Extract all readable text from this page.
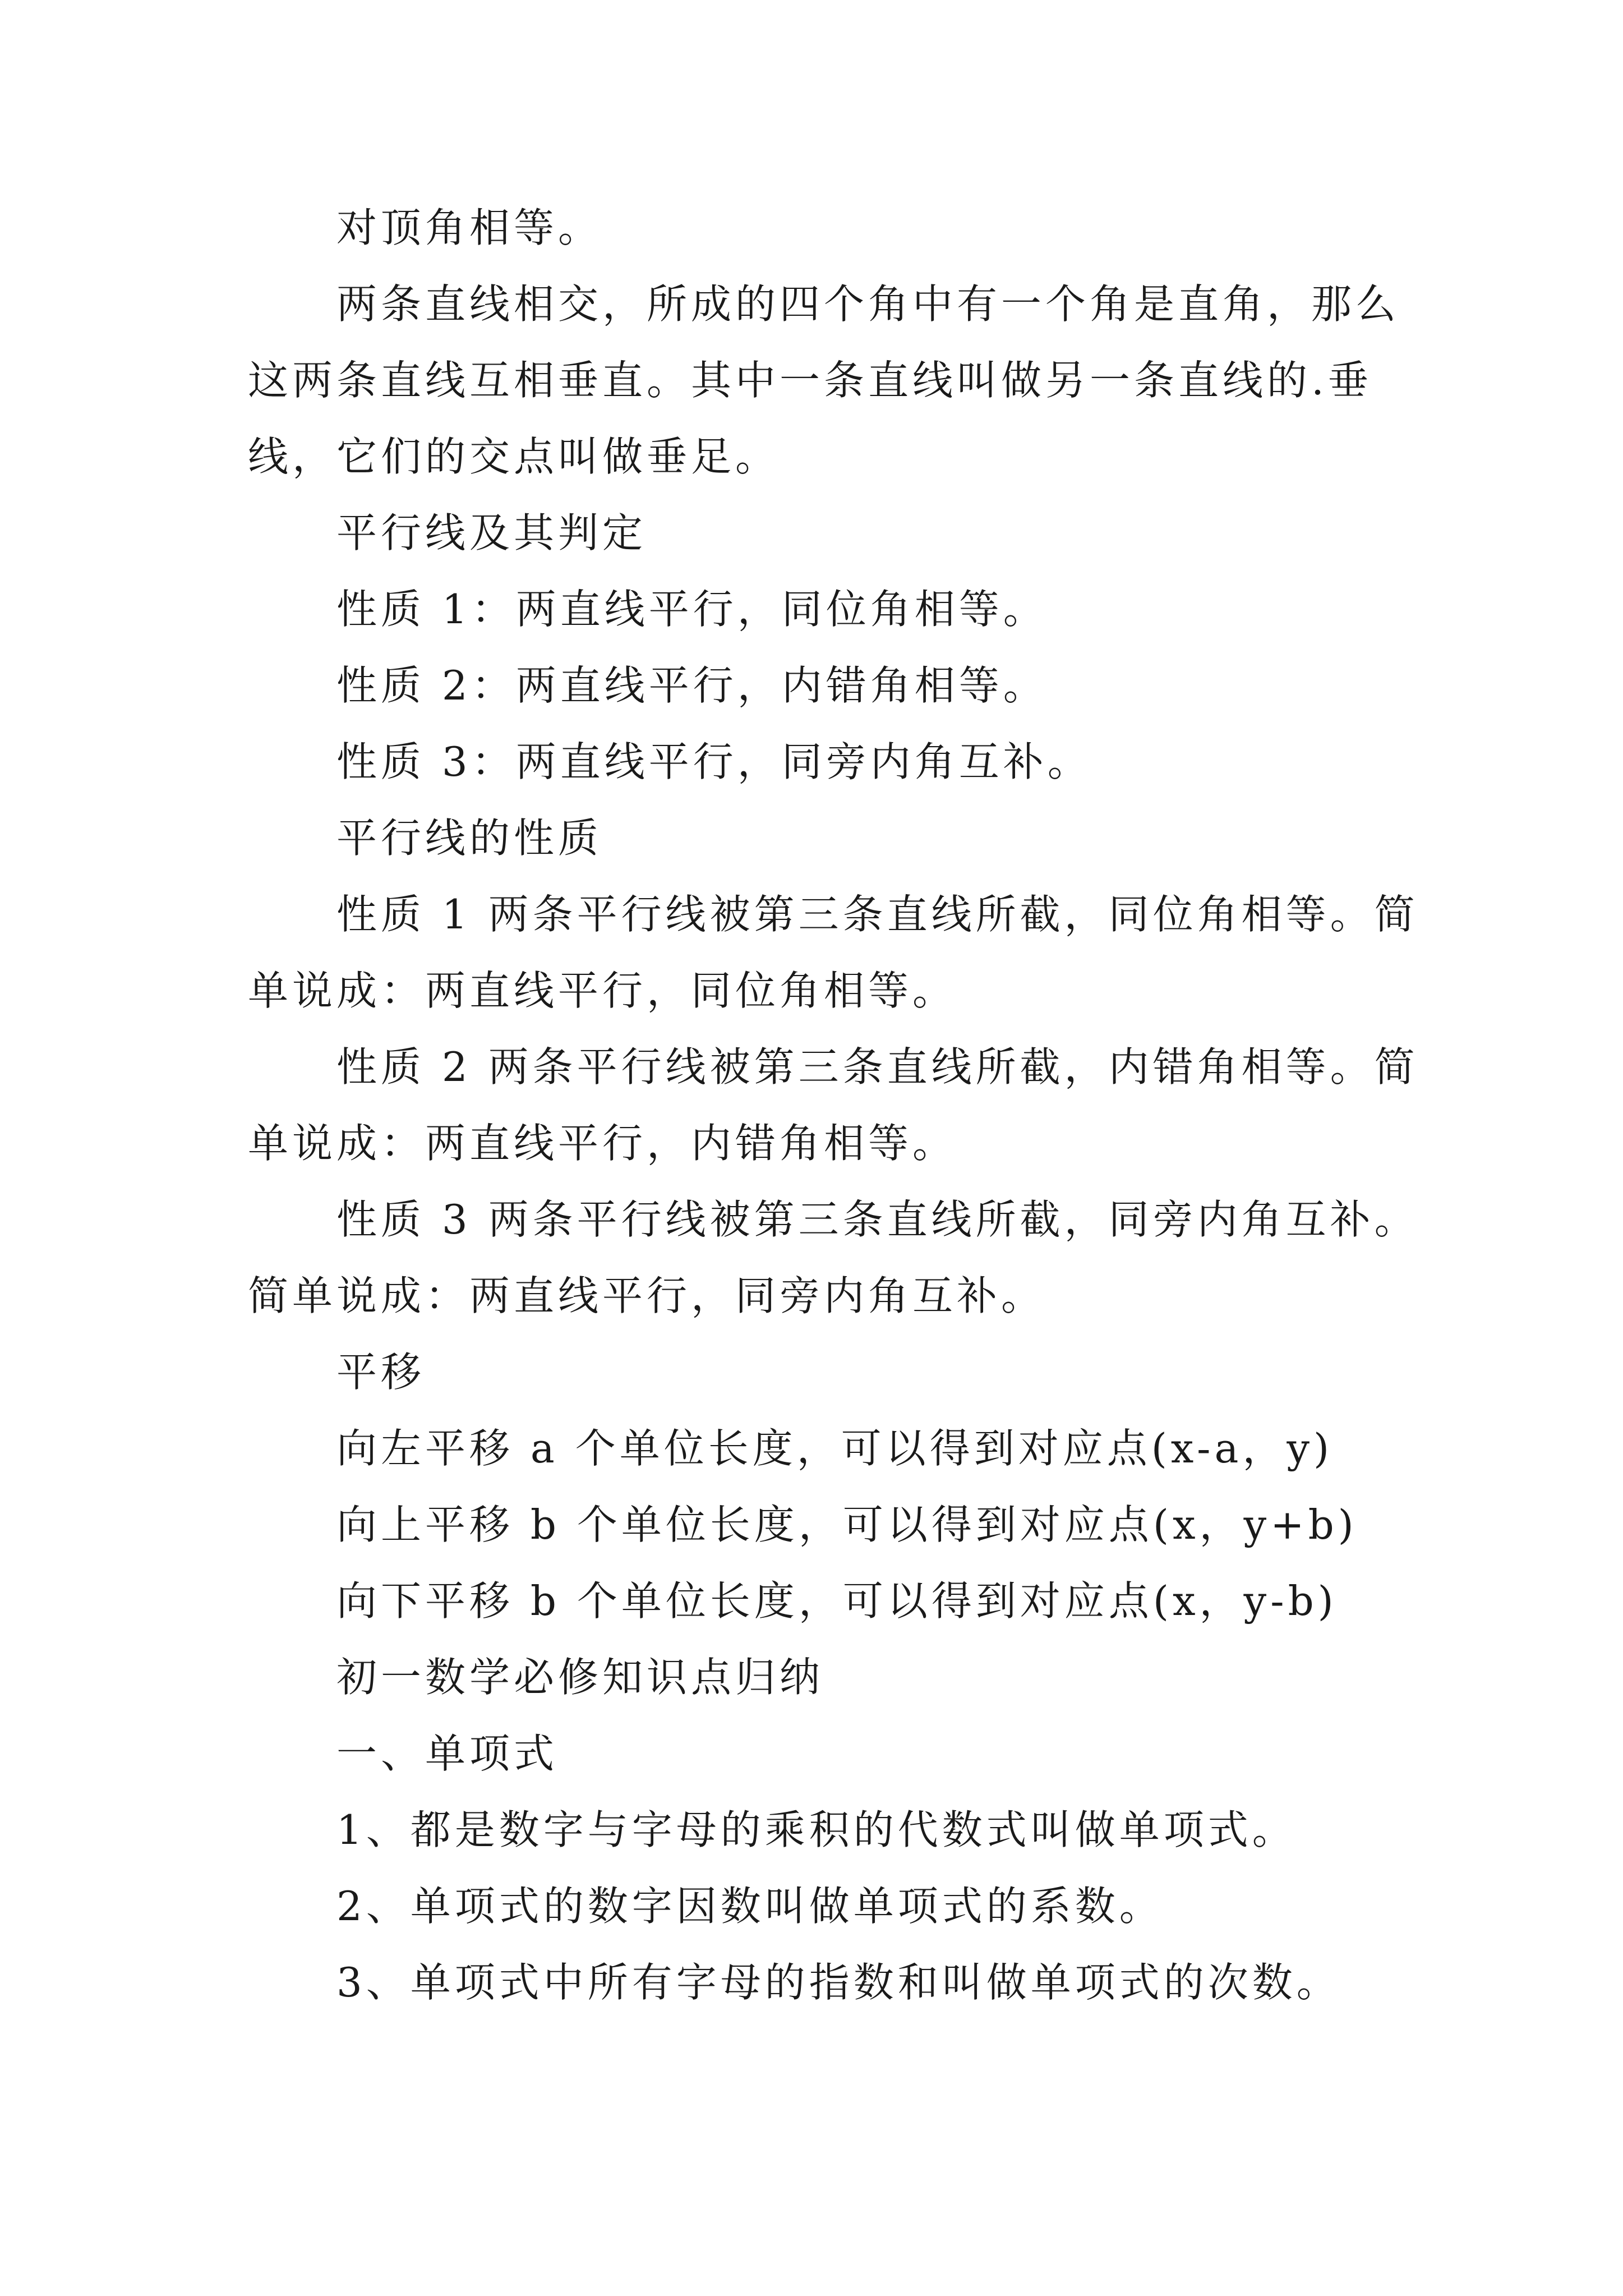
对顶角相等。
两条直线相交，所成的四个角中有一个角是直角，那么
这两条直线互相垂直。其中一条直线叫做另一条直线的.垂
线，它们的交点叫做垂足。
平行线及其判定
性质 1：两直线平行，同位角相等。
性质 2：两直线平行，内错角相等。
性质 3：两直线平行，同旁内角互补。
平行线的性质
性质 1 两条平行线被第三条直线所截，同位角相等。简
单说成：两直线平行，同位角相等。
性质 2 两条平行线被第三条直线所截，内错角相等。简
单说成：两直线平行，内错角相等。
性质 3 两条平行线被第三条直线所截，同旁内角互补。
简单说成：两直线平行，同旁内角互补。
平移
向左平移 a 个单位长度，可以得到对应点(x-a，y)
向上平移 b 个单位长度，可以得到对应点(x，y+b)
向下平移 b 个单位长度，可以得到对应点(x，y-b)
初一数学必修知识点归纳
一、单项式
1、都是数字与字母的乘积的代数式叫做单项式。
2、单项式的数字因数叫做单项式的系数。
3、单项式中所有字母的指数和叫做单项式的次数。
